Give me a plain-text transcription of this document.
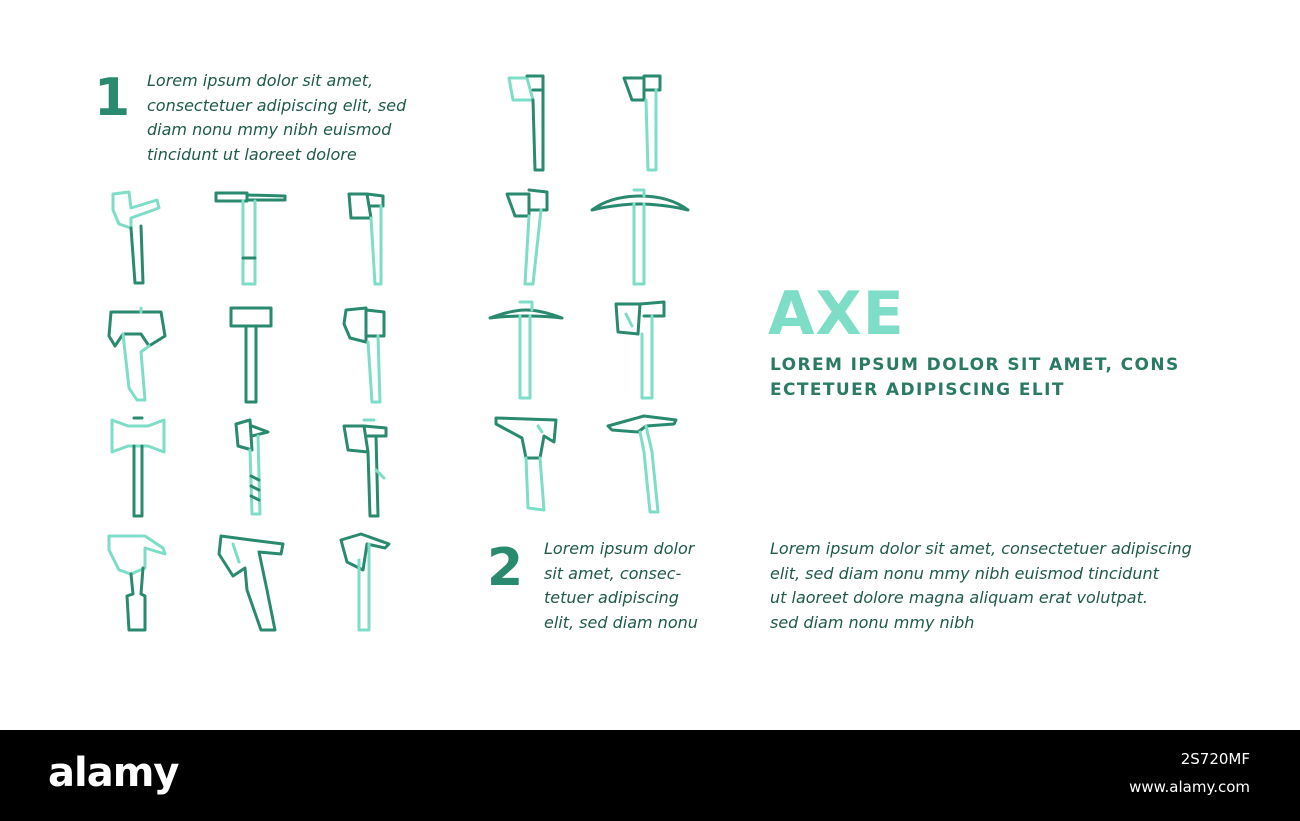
1 Lorem ipsum dolor sit amet,
consectetuer adipiscing elit, sed
diam nonu mmy nibh euismod
tincidunt ut laoreet dolore
2 Lorem ipsum dolor
sit amet, consec-
tetuer adipiscing
elit, sed diam nonu
Lorem ipsum dolor sit amet, consectetuer adipiscing
elit, sed diam nonu mmy nibh euismod tincidunt
ut laoreet dolore magna aliquam erat volutpat.
sed diam nonu mmy nibh
AXE
LOREM IPSUM DOLOR SIT AMET, CONS
ECTETUER ADIPISCING ELIT
alamy	2S720MF
www.alamy.com
